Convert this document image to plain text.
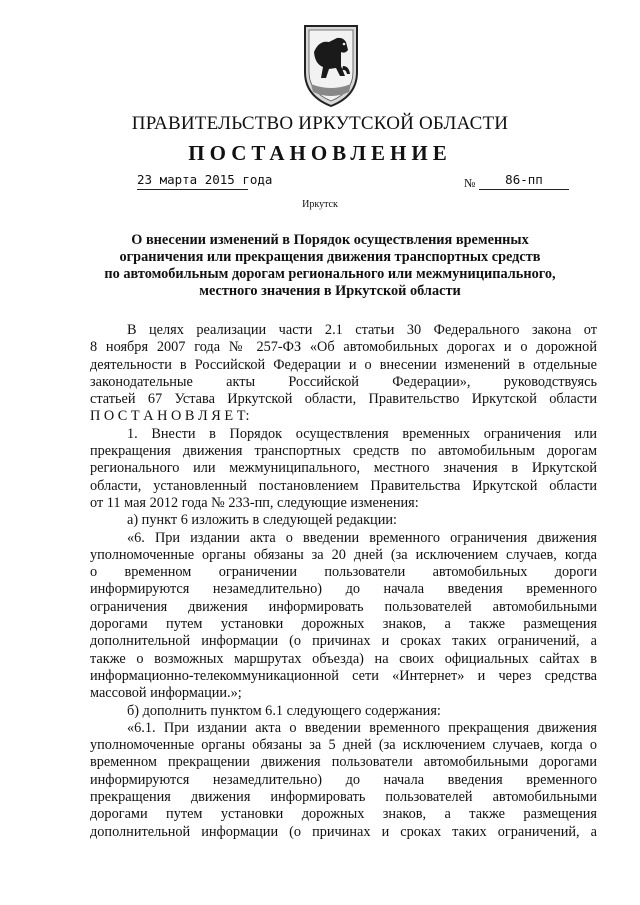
ПРАВИТЕЛЬСТВО ИРКУТСКОЙ ОБЛАСТИ
ПОСТАНОВЛЕНИЕ
23 марта 2015 года	№	86-пп
Иркутск
О внесении изменений в Порядок осуществления временных
ограничения или прекращения движения транспортных средств
по автомобильным дорогам регионального или межмуниципального,
местного значения в Иркутской области

В целях реализации части 2.1 статьи 30 Федерального закона от

8 ноября 2007 года № 257-ФЗ «Об автомобильных дорогах и о дорожной

деятельности в Российской Федерации и о внесении изменений в отдельные

законодательные акты Российской Федерации», руководствуясь

статьей 67 Устава Иркутской области, Правительство Иркутской области

П О С Т А Н О В Л Я Е Т:

1. Внести в Порядок осуществления временных ограничения или

прекращения движения транспортных средств по автомобильным дорогам

регионального или межмуниципального, местного значения в Иркутской

области, установленный постановлением Правительства Иркутской области

от 11 мая 2012 года № 233-пп, следующие изменения:

а) пункт 6 изложить в следующей редакции:

«6. При издании акта о введении временного ограничения движения

уполномоченные органы обязаны за 20 дней (за исключением случаев, когда

о временном ограничении пользователи автомобильных дороги

информируются незамедлительно) до начала введения временного

ограничения движения информировать пользователей автомобильными

дорогами путем установки дорожных знаков, а также размещения

дополнительной информации (о причинах и сроках таких ограничений, а

также о возможных маршрутах объезда) на своих официальных сайтах в

информационно-телекоммуникационной сети «Интернет» и через средства

массовой информации.»;

б) дополнить пунктом 6.1 следующего содержания:

«6.1. При издании акта о введении временного прекращения движения

уполномоченные органы обязаны за 5 дней (за исключением случаев, когда о

временном прекращении движения пользователи автомобильными дорогами

информируются незамедлительно) до начала введения временного

прекращения движения информировать пользователей автомобильными

дорогами путем установки дорожных знаков, а также размещения

дополнительной информации (о причинах и сроках таких ограничений, а
